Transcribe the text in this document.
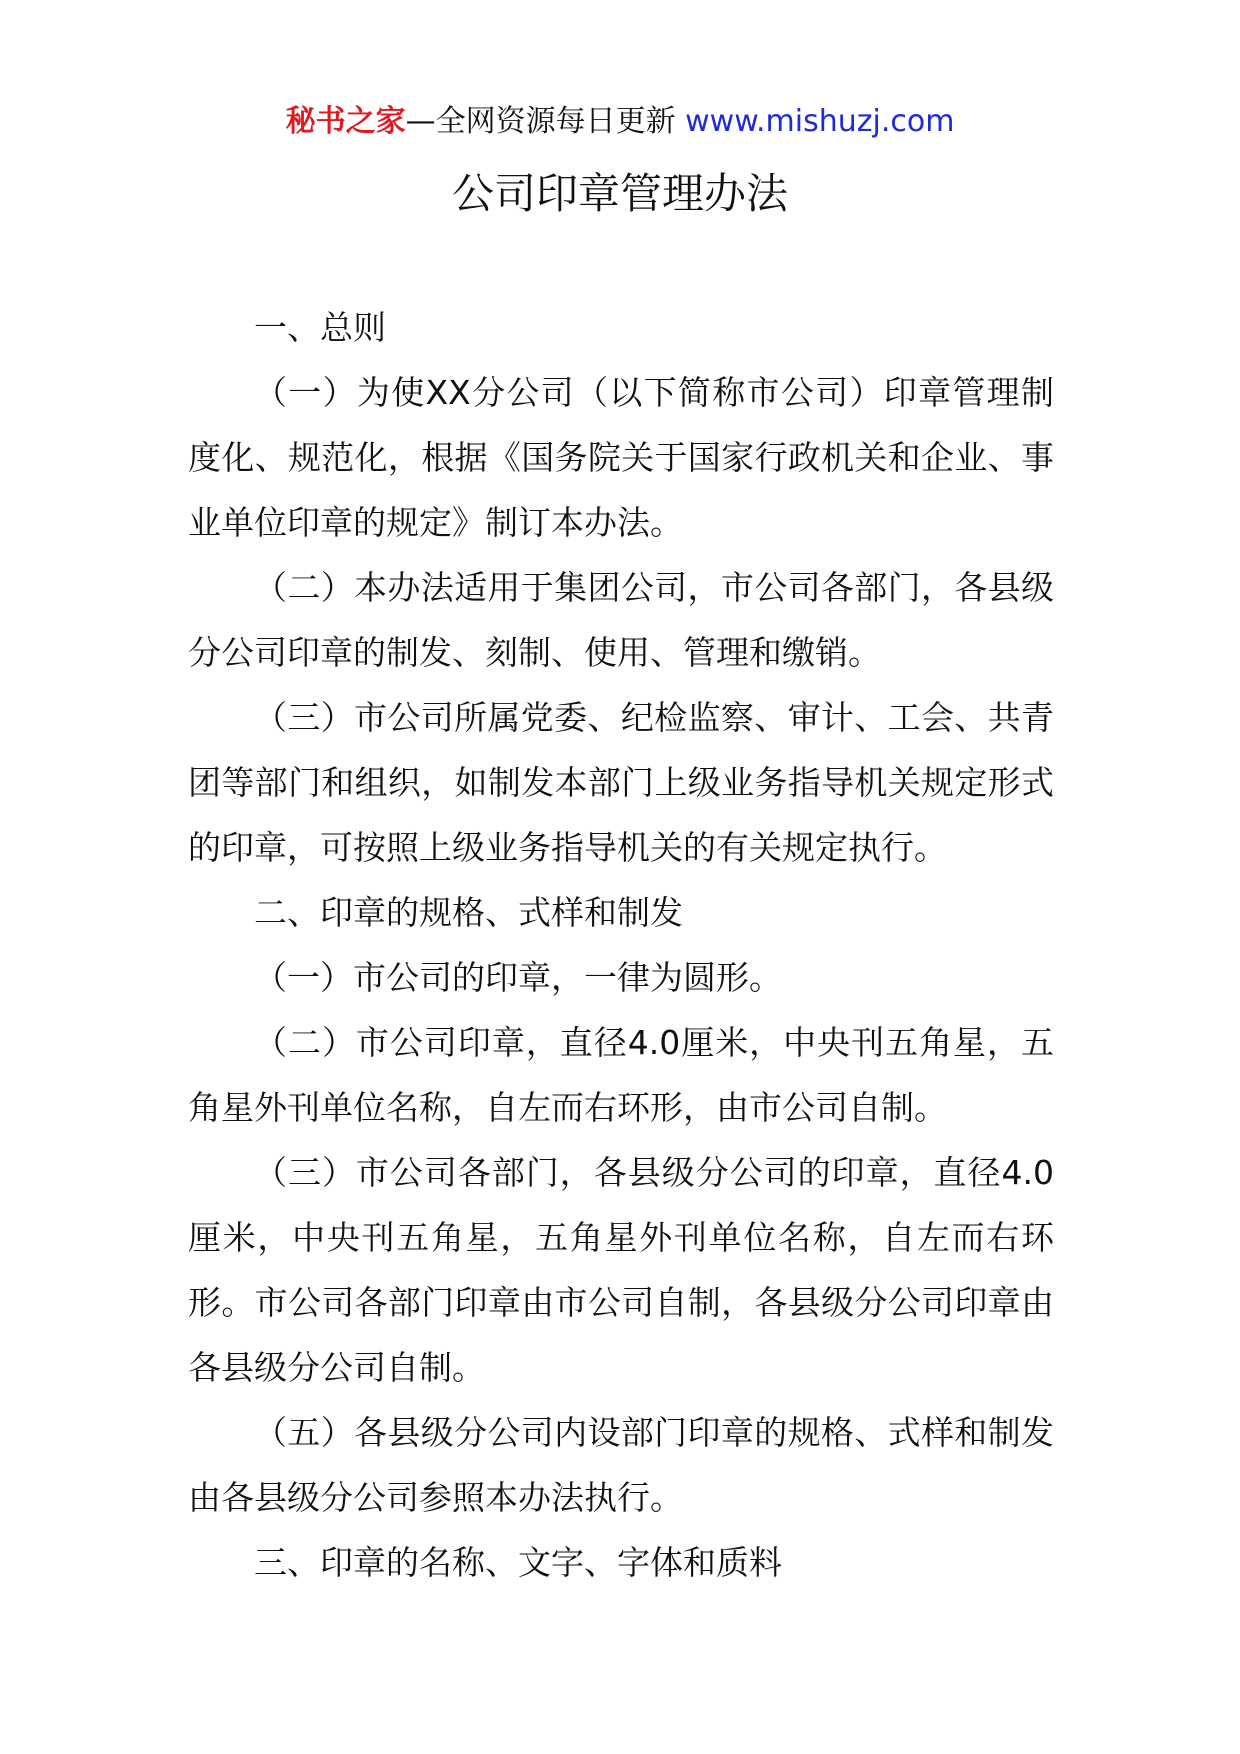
秘书之家—全网资源每日更新 www.mishuzj.com
公司印章管理办法

一、总则

（一）为使XX分公司（以下简称市公司）印章管理制度化、规范化，根据《国务院关于国家行政机关和企业、事业单位印章的规定》制订本办法。

（二）本办法适用于集团公司，市公司各部门，各县级分公司印章的制发、刻制、使用、管理和缴销。

（三）市公司所属党委、纪检监察、审计、工会、共青团等部门和组织，如制发本部门上级业务指导机关规定形式的印章，可按照上级业务指导机关的有关规定执行。

二、印章的规格、式样和制发

（一）市公司的印章，一律为圆形。

（二）市公司印章，直径4.0厘米，中央刊五角星，五角星外刊单位名称，自左而右环形，由市公司自制。

（三）市公司各部门，各县级分公司的印章，直径4.0厘米，中央刊五角星，五角星外刊单位名称，自左而右环形。市公司各部门印章由市公司自制，各县级分公司印章由各县级分公司自制。

（五）各县级分公司内设部门印章的规格、式样和制发由各县级分公司参照本办法执行。

三、印章的名称、文字、字体和质料
